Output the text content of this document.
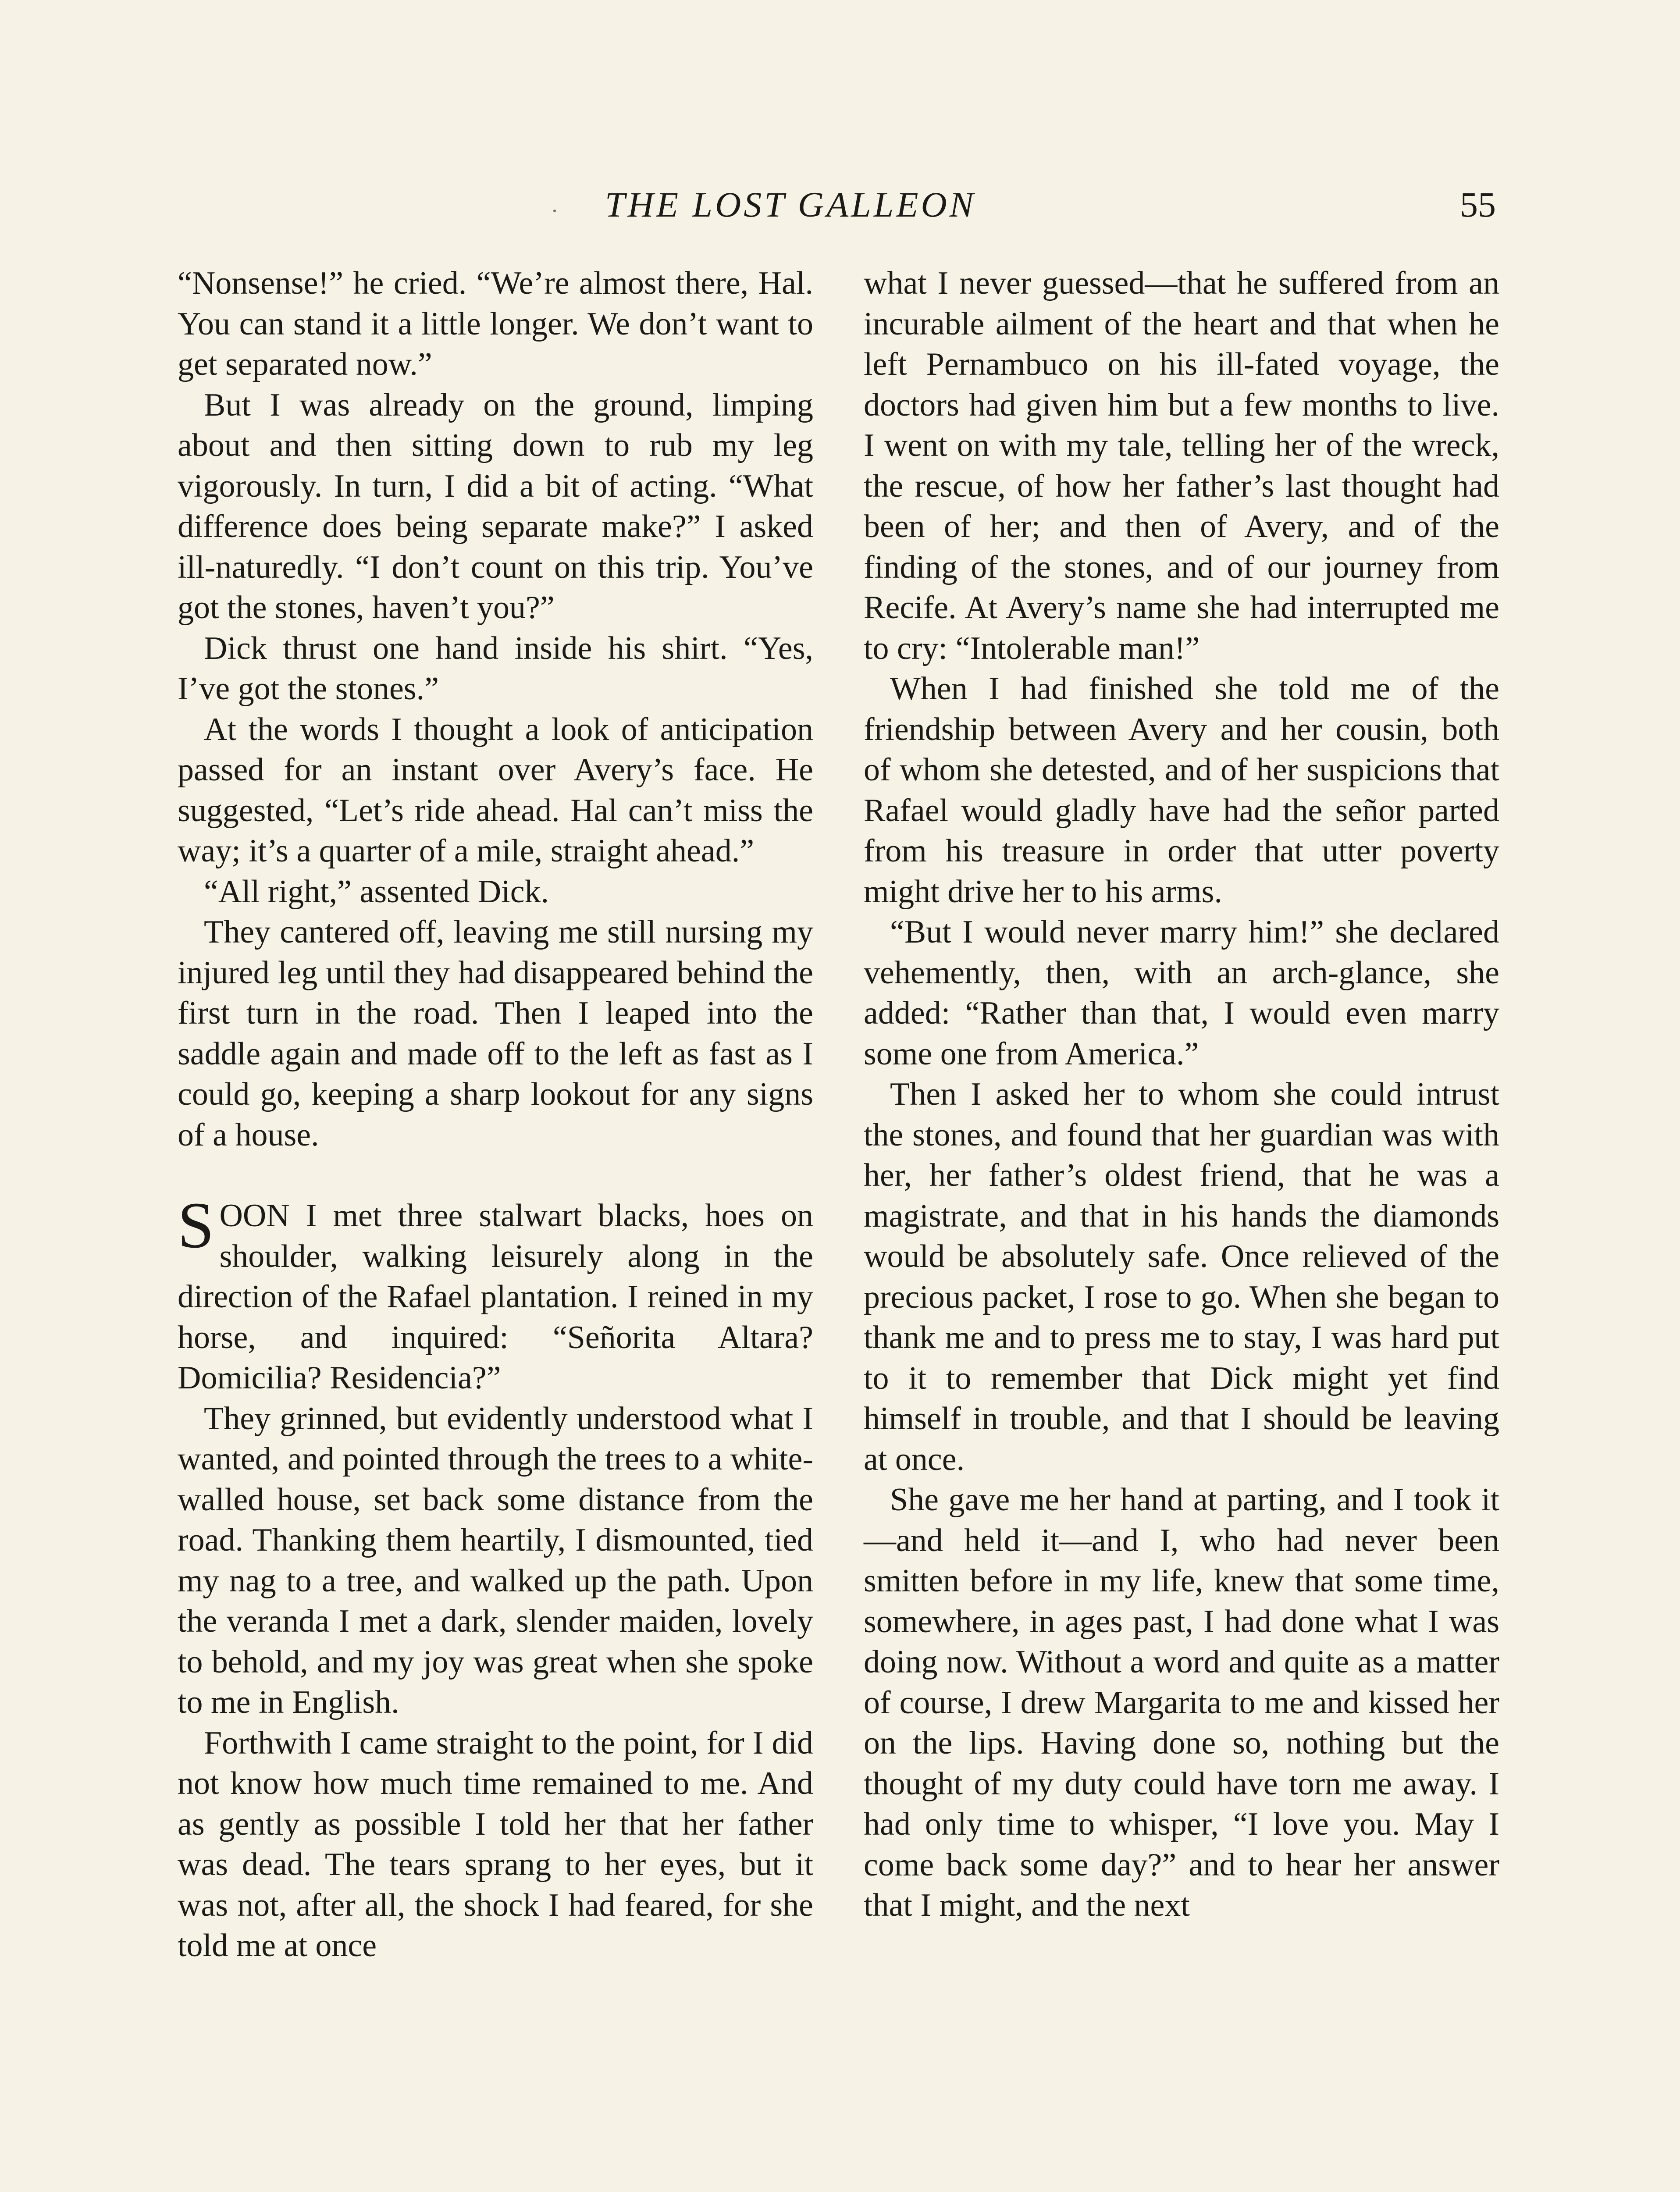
THE LOST GALLEON	55

“Nonsense!” he cried. “We’re almost there, Hal. You can stand it a little longer. We don’t want to get separated now.”

But I was already on the ground, limping about and then sitting down to rub my leg vigorously. In turn, I did a bit of acting. “What difference does being separate make?” I asked ill-naturedly. “I don’t count on this trip. You’ve got the stones, haven’t you?”

Dick thrust one hand inside his shirt. “Yes, I’ve got the stones.”

At the words I thought a look of anticipation passed for an instant over Avery’s face. He suggested, “Let’s ride ahead. Hal can’t miss the way; it’s a quarter of a mile, straight ahead.”

“All right,” assented Dick.

They cantered off, leaving me still nursing my injured leg until they had disappeared behind the first turn in the road. Then I leaped into the saddle again and made off to the left as fast as I could go, keeping a sharp lookout for any signs of a house.

SOON I met three stalwart blacks, hoes on shoulder, walking leisurely along in the direction of the Rafael plantation. I reined in my horse, and inquired: “Señorita Altara? Domicilia? Residencia?”

They grinned, but evidently understood what I wanted, and pointed through the trees to a white-walled house, set back some distance from the road. Thanking them heartily, I dismounted, tied my nag to a tree, and walked up the path. Upon the veranda I met a dark, slender maiden, lovely to behold, and my joy was great when she spoke to me in English.

Forthwith I came straight to the point, for I did not know how much time remained to me. And as gently as possible I told her that her father was dead. The tears sprang to her eyes, but it was not, after all, the shock I had feared, for she told me at once

what I never guessed—that he suffered from an incurable ailment of the heart and that when he left Pernambuco on his ill-fated voyage, the doctors had given him but a few months to live. I went on with my tale, telling her of the wreck, the rescue, of how her father’s last thought had been of her; and then of Avery, and of the finding of the stones, and of our journey from Recife. At Avery’s name she had interrupted me to cry: “Intolerable man!”

When I had finished she told me of the friendship between Avery and her cousin, both of whom she detested, and of her suspicions that Rafael would gladly have had the señor parted from his treasure in order that utter poverty might drive her to his arms.

“But I would never marry him!” she declared vehemently, then, with an arch-glance, she added: “Rather than that, I would even marry some one from America.”

Then I asked her to whom she could intrust the stones, and found that her guardian was with her, her father’s oldest friend, that he was a magistrate, and that in his hands the diamonds would be absolutely safe. Once relieved of the precious packet, I rose to go. When she began to thank me and to press me to stay, I was hard put to it to remember that Dick might yet find himself in trouble, and that I should be leaving at once.

She gave me her hand at parting, and I took it—and held it—and I, who had never been smitten before in my life, knew that some time, somewhere, in ages past, I had done what I was doing now. Without a word and quite as a matter of course, I drew Margarita to me and kissed her on the lips. Having done so, nothing but the thought of my duty could have torn me away. I had only time to whisper, “I love you. May I come back some day?” and to hear her answer that I might, and the next
